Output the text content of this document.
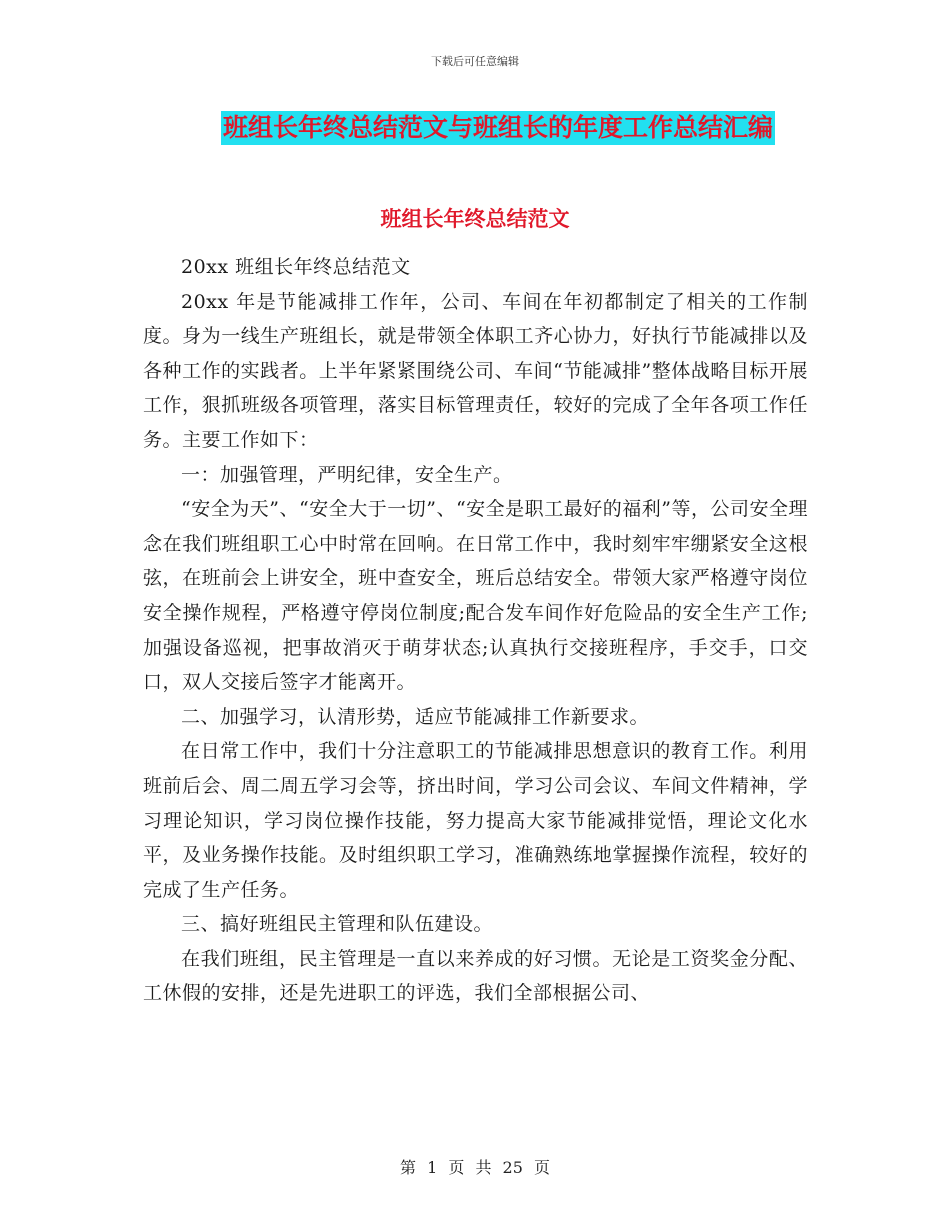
下载后可任意编辑
班组长年终总结范文与班组长的年度工作总结汇编
班组长年终总结范文

20xx 班组长年终总结范文

20xx 年是节能减排工作年，公司、车间在年初都制定了相关的工作制度。身为一线生产班组长，就是带领全体职工齐心协力，好执行节能减排以及各种工作的实践者。上半年紧紧围绕公司、车间“节能减排”整体战略目标开展工作，狠抓班级各项管理，落实目标管理责任，较好的完成了全年各项工作任务。主要工作如下：

一：加强管理，严明纪律，安全生产。

“安全为天”、“安全大于一切”、“安全是职工最好的福利”等，公司安全理念在我们班组职工心中时常在回响。在日常工作中，我时刻牢牢绷紧安全这根弦，在班前会上讲安全，班中查安全，班后总结安全。带领大家严格遵守岗位安全操作规程，严格遵守停岗位制度;配合发车间作好危险品的安全生产工作;加强设备巡视，把事故消灭于萌芽状态;认真执行交接班程序，手交手，口交口，双人交接后签字才能离开。

二、加强学习，认清形势，适应节能减排工作新要求。

在日常工作中，我们十分注意职工的节能减排思想意识的教育工作。利用班前后会、周二周五学习会等，挤出时间，学习公司会议、车间文件精神，学习理论知识，学习岗位操作技能，努力提高大家节能减排觉悟，理论文化水平，及业务操作技能。及时组织职工学习，准确熟练地掌握操作流程，较好的完成了生产任务。

三、搞好班组民主管理和队伍建设。

在我们班组，民主管理是一直以来养成的好习惯。无论是工资奖金分配、工休假的安排，还是先进职工的评选，我们全部根据公司、

第 1 页 共 25 页
